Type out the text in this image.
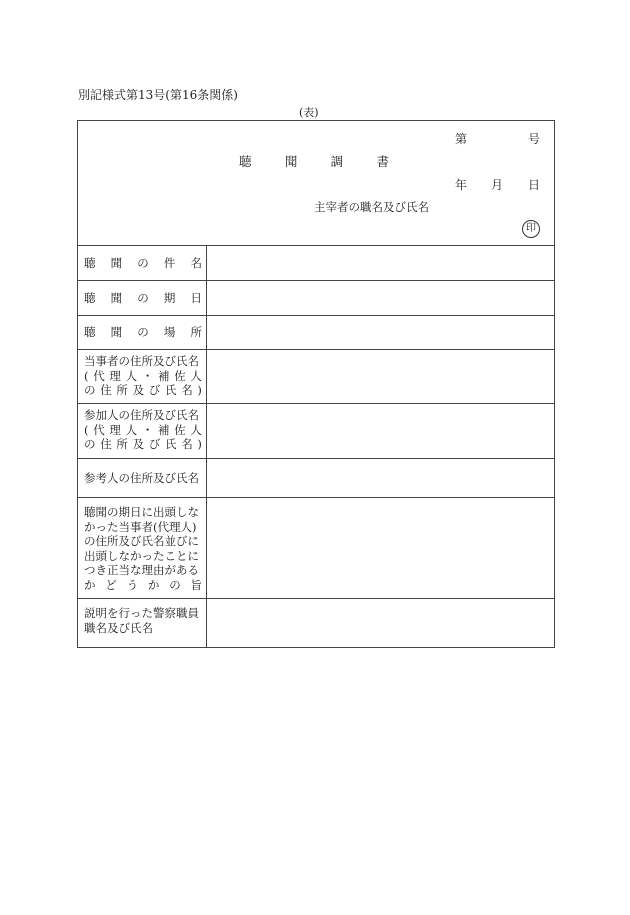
別記様式第13号(第16条関係)
(表)
第	号
聴	聞	調	書
年 月 日
主宰者の職名及び氏名
印
聴 聞 の 件 名
聴 聞 の 期 日
聴 聞 の 場 所
当事者の住所及び氏名
( 代 理 人 ・ 補 佐 人
の 住 所 及 び 氏 名 )
参加人の住所及び氏名
( 代 理 人 ・ 補 佐 人
の 住 所 及 び 氏 名 )
参考人の住所及び氏名
聴聞の期日に出頭しな
かった当事者(代理人)
の住所及び氏名並びに
出頭しなかったことに
つき正当な理由がある
か ど う か の 旨
説明を行った警察職員
職名及び氏名
